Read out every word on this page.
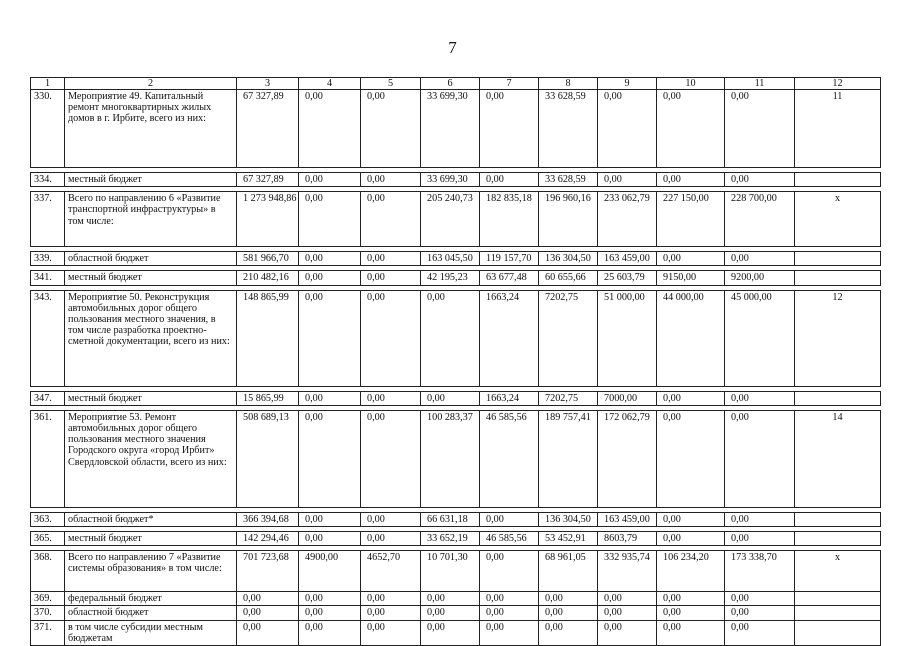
7
1	2	3	4	5	6	7	8	9	10	11	12
330.	Мероприятие 49. Капитальный ремонт многоквартирных жилых домов в г. Ирбите, всего из них:	67 327,89	0,00	0,00	33 699,30	0,00	33 628,59	0,00	0,00	0,00	11

334.	местный бюджет	67 327,89	0,00	0,00	33 699,30	0,00	33 628,59	0,00	0,00	0,00	

337.	Всего по направлению 6 «Развитие транспортной инфраструктуры» в том числе:	1 273 948,86	0,00	0,00	205 240,73	182 835,18	196 960,16	233 062,79	227 150,00	228 700,00	x

339.	областной бюджет	581 966,70	0,00	0,00	163 045,50	119 157,70	136 304,50	163 459,00	0,00	0,00	

341.	местный бюджет	210 482,16	0,00	0,00	42 195,23	63 677,48	60 655,66	25 603,79	9150,00	9200,00	

343.	Мероприятие 50. Реконструкция автомобильных дорог общего пользования местного значения, в том числе разработка проектно-сметной документации, всего из них:	148 865,99	0,00	0,00	0,00	1663,24	7202,75	51 000,00	44 000,00	45 000,00	12

347.	местный бюджет	15 865,99	0,00	0,00	0,00	1663,24	7202,75	7000,00	0,00	0,00	

361.	Мероприятие 53. Ремонт автомобильных дорог общего пользования местного значения Городского округа «город Ирбит» Свердловской области, всего из них:	508 689,13	0,00	0,00	100 283,37	46 585,56	189 757,41	172 062,79	0,00	0,00	14

363.	областной бюджет*	366 394,68	0,00	0,00	66 631,18	0,00	136 304,50	163 459,00	0,00	0,00	

365.	местный бюджет	142 294,46	0,00	0,00	33 652,19	46 585,56	53 452,91	8603,79	0,00	0,00	

368.	Всего по направлению 7 «Развитие системы образования» в том числе:	701 723,68	4900,00	4652,70	10 701,30	0,00	68 961,05	332 935,74	106 234,20	173 338,70	x
369.	федеральный бюджет	0,00	0,00	0,00	0,00	0,00	0,00	0,00	0,00	0,00	
370.	областной бюджет	0,00	0,00	0,00	0,00	0,00	0,00	0,00	0,00	0,00	
371.	в том числе субсидии местным бюджетам	0,00	0,00	0,00	0,00	0,00	0,00	0,00	0,00	0,00	
